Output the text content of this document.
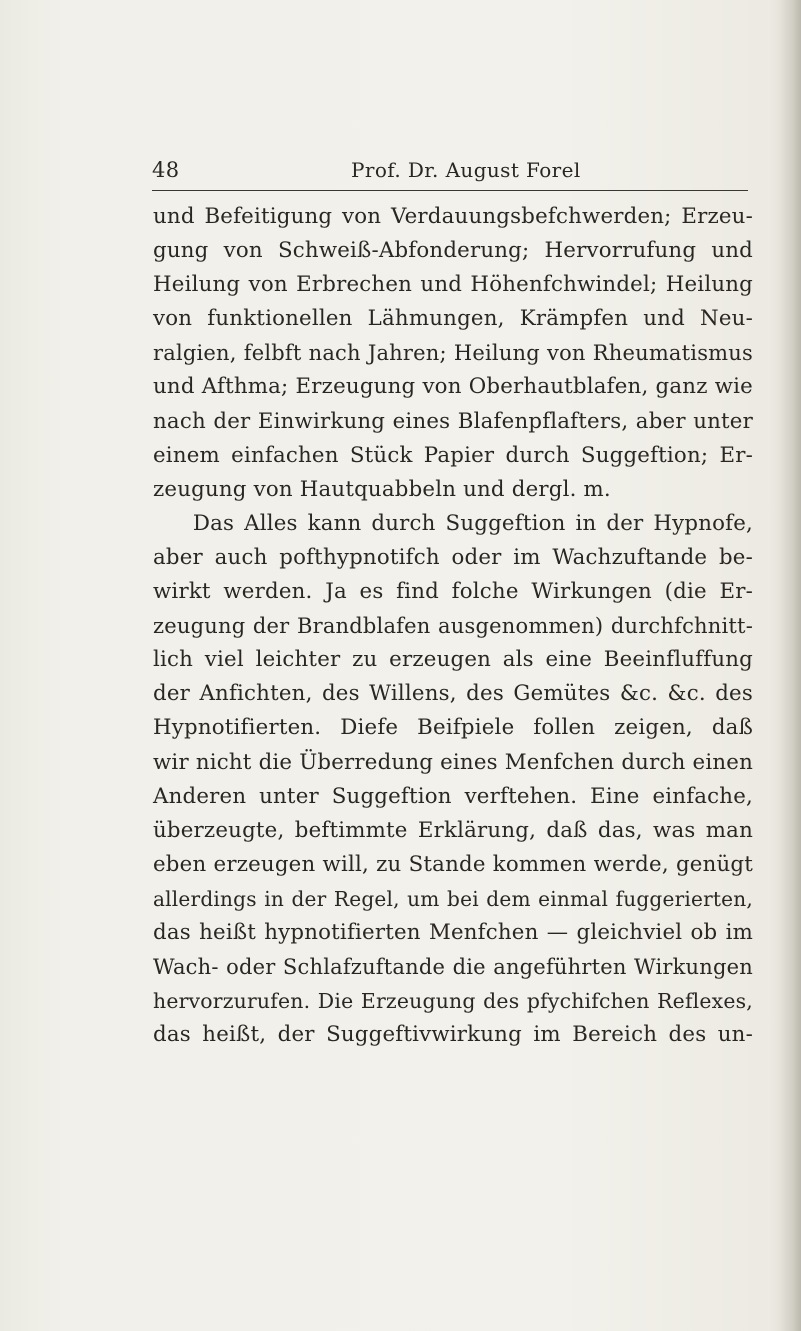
48	Prof. Dr. August Forel
und Befeitigung von Verdauungsbefchwerden; Erzeu-
gung von Schweiß-Abfonderung; Hervorrufung und
Heilung von Erbrechen und Höhenfchwindel; Heilung
von funktionellen Lähmungen, Krämpfen und Neu-
ralgien, felbft nach Jahren; Heilung von Rheumatismus
und Afthma; Erzeugung von Oberhautblafen, ganz wie
nach der Einwirkung eines Blafenpflafters, aber unter
einem einfachen Stück Papier durch Suggeftion; Er-
zeugung von Hautquabbeln und dergl. m.
Das Alles kann durch Suggeftion in der Hypnofe,
aber auch pofthypnotifch oder im Wachzuftande be-
wirkt werden. Ja es find folche Wirkungen (die Er-
zeugung der Brandblafen ausgenommen) durchfchnitt-
lich viel leichter zu erzeugen als eine Beeinfluffung
der Anfichten, des Willens, des Gemütes &c. &c. des
Hypnotifierten. Diefe Beifpiele follen zeigen, daß
wir nicht die Überredung eines Menfchen durch einen
Anderen unter Suggeftion verftehen. Eine einfache,
überzeugte, beftimmte Erklärung, daß das, was man
eben erzeugen will, zu Stande kommen werde, genügt
allerdings in der Regel, um bei dem einmal fuggerierten,
das heißt hypnotifierten Menfchen — gleichviel ob im
Wach- oder Schlafzuftande die angeführten Wirkungen
hervorzurufen. Die Erzeugung des pfychifchen Reflexes,
das heißt, der Suggeftivwirkung im Bereich des un-
